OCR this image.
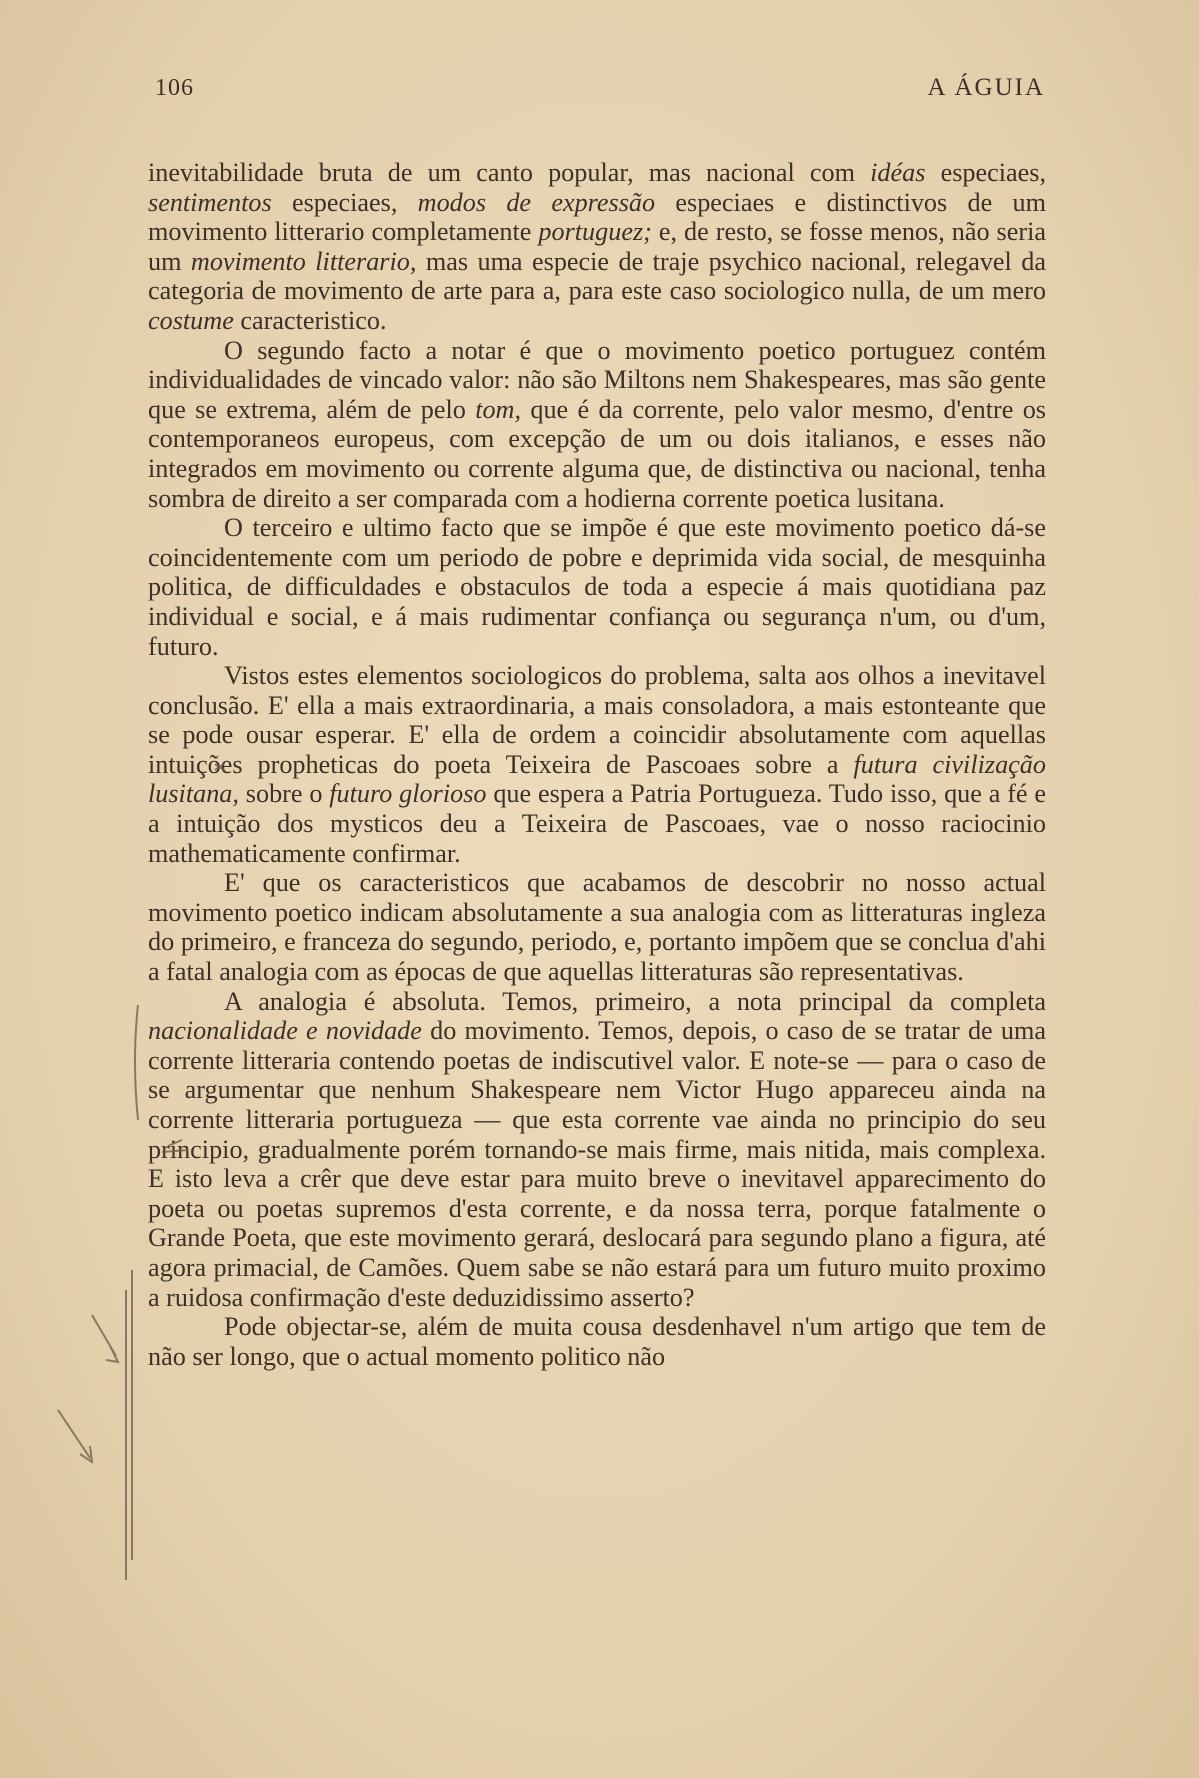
106	A ÁGUIA

inevitabilidade bruta de um canto popular, mas nacional com idéas especiaes, sentimentos especiaes, modos de expressão especiaes e distinctivos de um movimento litterario completamente portuguez; e, de resto, se fosse menos, não seria um movimento litterario, mas uma especie de traje psychico nacional, relegavel da categoria de movimento de arte para a, para este caso sociologico nulla, de um mero costume caracteristico.

O segundo facto a notar é que o movimento poetico portuguez contém individualidades de vincado valor: não são Miltons nem Shakespeares, mas são gente que se extrema, além de pelo tom, que é da corrente, pelo valor mesmo, d'entre os contemporaneos europeus, com excepção de um ou dois italianos, e esses não integrados em movimento ou corrente alguma que, de distinctiva ou nacional, tenha sombra de direito a ser comparada com a hodierna corrente poetica lusitana.

O terceiro e ultimo facto que se impõe é que este movimento poetico dá-se coincidentemente com um periodo de pobre e deprimida vida social, de mesquinha politica, de difficuldades e obstaculos de toda a especie á mais quotidiana paz individual e social, e á mais rudimentar confiança ou segurança n'um, ou d'um, futuro.

Vistos estes elementos sociologicos do problema, salta aos olhos a inevitavel conclusão. E' ella a mais extraordinaria, a mais consoladora, a mais estonteante que se pode ousar esperar. E' ella de ordem a coincidir absolutamente com aquellas intuições propheticas do poeta Teixeira de Pascoaes sobre a futura civilização lusitana, sobre o futuro glorioso que espera a Patria Portugueza. Tudo isso, que a fé e a intuição dos mysticos deu a Teixeira de Pascoaes, vae o nosso raciocinio mathematicamente confirmar.

E' que os caracteristicos que acabamos de descobrir no nosso actual movimento poetico indicam absolutamente a sua analogia com as litteraturas ingleza do primeiro, e franceza do segundo, periodo, e, portanto impõem que se conclua d'ahi a fatal analogia com as épocas de que aquellas litteraturas são representativas.

A analogia é absoluta. Temos, primeiro, a nota principal da completa nacionalidade e novidade do movimento. Temos, depois, o caso de se tratar de uma corrente litteraria contendo poetas de indiscutivel valor. E note-se — para o caso de se argumentar que nenhum Shakespeare nem Victor Hugo appareceu ainda na corrente litteraria portugueza — que esta corrente vae ainda no principio do seu principio, gradualmente porém tornando-se mais firme, mais nitida, mais complexa. E isto leva a crêr que deve estar para muito breve o inevitavel apparecimento do poeta ou poetas supremos d'esta corrente, e da nossa terra, porque fatalmente o Grande Poeta, que este movimento gerará, deslocará para segundo plano a figura, até agora primacial, de Camões. Quem sabe se não estará para um futuro muito proximo a ruidosa confirmação d'este deduzidissimo asserto?

Pode objectar-se, além de muita cousa desdenhavel n'um artigo que tem de não ser longo, que o actual momento politico não
